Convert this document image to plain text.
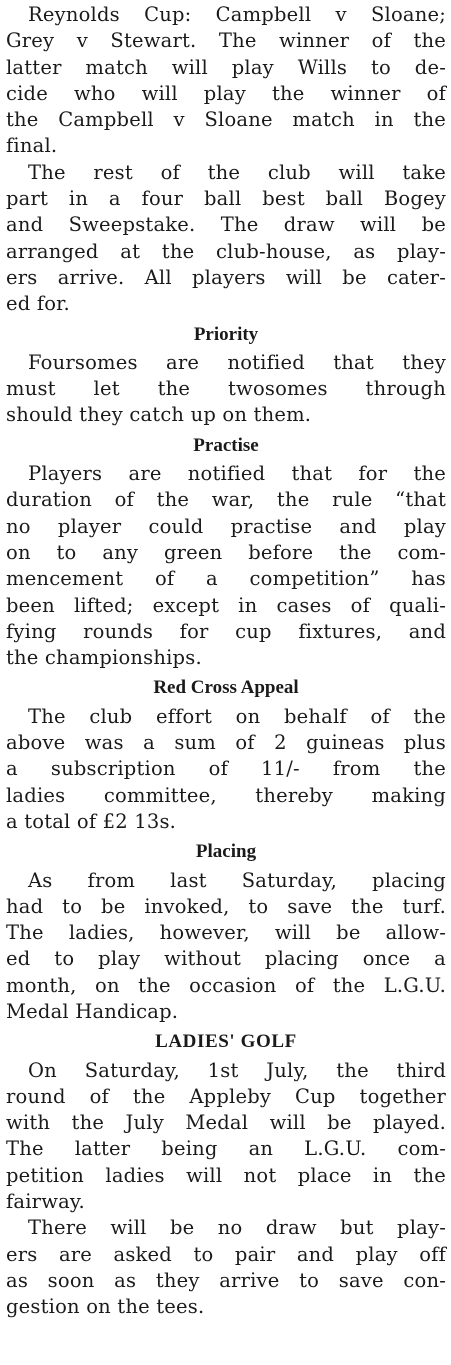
Reynolds Cup: Campbell v Sloane;
Grey v Stewart. The winner of the
latter match will play Wills to de-
cide who will play the winner of
the Campbell v Sloane match in the
final.

The rest of the club will take
part in a four ball best ball Bogey
and Sweepstake. The draw will be
arranged at the club-house, as play-
ers arrive. All players will be cater-
ed for.

Priority

Foursomes are notified that they
must let the twosomes through
should they catch up on them.

Practise

Players are notified that for the
duration of the war, the rule “that
no player could practise and play
on to any green before the com-
mencement of a competition” has
been lifted; except in cases of quali-
fying rounds for cup fixtures, and
the championships.

Red Cross Appeal

The club effort on behalf of the
above was a sum of 2 guineas plus
a subscription of 11/- from the
ladies committee, thereby making
a total of £2 13s.

Placing

As from last Saturday, placing
had to be invoked, to save the turf.
The ladies, however, will be allow-
ed to play without placing once a
month, on the occasion of the L.G.U.
Medal Handicap.

LADIES' GOLF

On Saturday, 1st July, the third
round of the Appleby Cup together
with the July Medal will be played.
The latter being an L.G.U. com-
petition ladies will not place in the
fairway.

There will be no draw but play-
ers are asked to pair and play off
as soon as they arrive to save con-
gestion on the tees.
